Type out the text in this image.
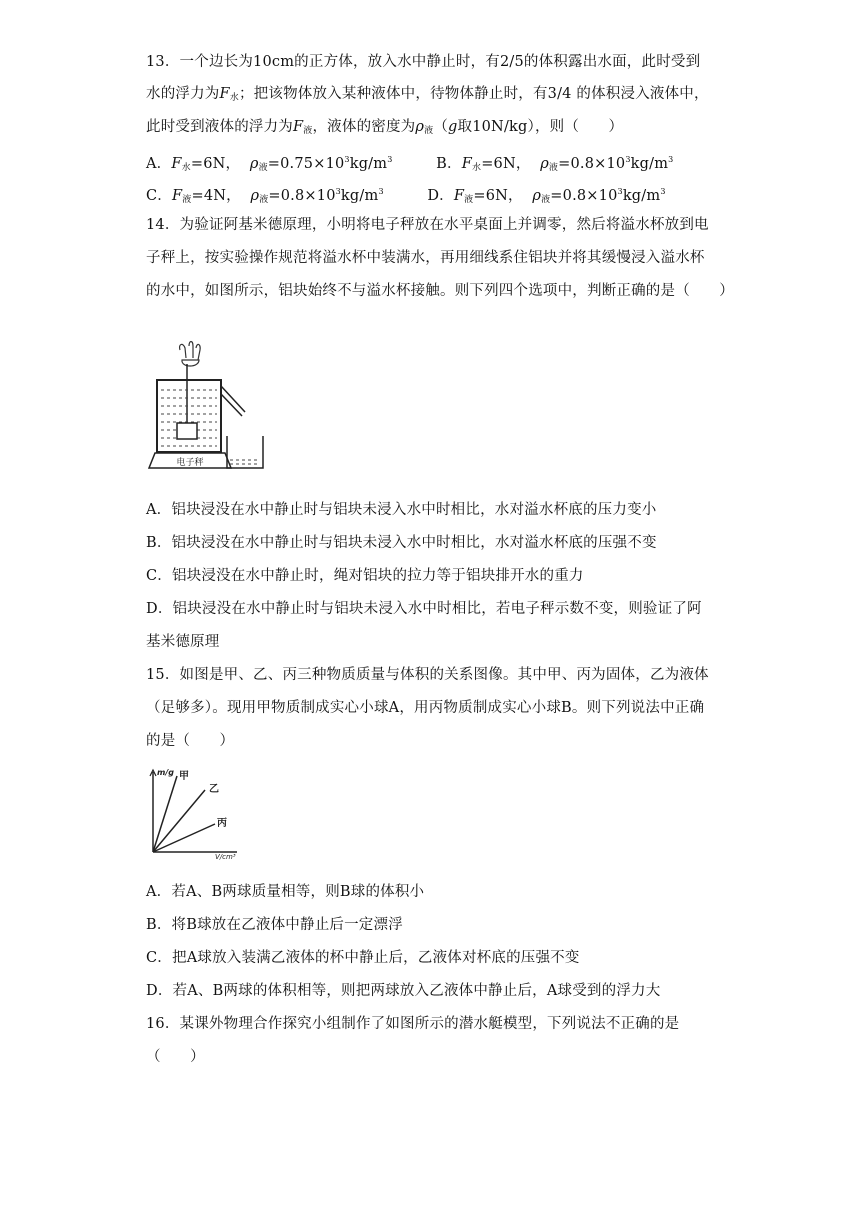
13．一个边长为10cm的正方体，放入水中静止时，有2/5的体积露出水面，此时受到
水的浮力为$F_水$；把该物体放入某种液体中，待物体静止时，有3/4 的体积浸入液体中，
此时受到液体的浮力为$F_液$，液体的密度为$\rho_液(g$取10N/kg），则（　　）
A．$F_水=6N$， $\rho_液=0.75\times 10^3kg/m^3$	B．$F_水=6N$， $\rho_液=0.8\times 10^3kg/m^3$
C．$F_液=4N$， $\rho_液=0.8\times 10^3kg/m^3$	D．$F_液=6N$， $\rho_液=0.8\times 10^3kg/m^3$
14．为验证阿基米德原理，小明将电子秤放在水平桌面上并调零，然后将溢水杯放到电
子秤上，按实验操作规范将溢水杯中装满水，再用细线系住铝块并将其缓慢浸入溢水杯
的水中，如图所示，铝块始终不与溢水杯接触。则下列四个选项中，判断正确的是（　　）
电子秤
A．铝块浸没在水中静止时与铝块未浸入水中时相比，水对溢水杯底的压力变小
B．铝块浸没在水中静止时与铝块未浸入水中时相比，水对溢水杯底的压强不变
C．铝块浸没在水中静止时，绳对铝块的拉力等于铝块排开水的重力
D．铝块浸没在水中静止时与铝块未浸入水中时相比，若电子秤示数不变，则验证了阿
基米德原理
15．如图是甲、乙、丙三种物质质量与体积的关系图像。其中甲、丙为固体，乙为液体
（足够多）。现用甲物质制成实心小球A，用丙物质制成实心小球B。则下列说法中正确
的是（　　）
m/g
V/cm³
甲
乙
丙
A．若A、B两球质量相等，则B球的体积小
B．将B球放在乙液体中静止后一定漂浮
C．把A球放入装满乙液体的杯中静止后，乙液体对杯底的压强不变
D．若A、B两球的体积相等，则把两球放入乙液体中静止后，A球受到的浮力大
16．某课外物理合作探究小组制作了如图所示的潜水艇模型，下列说法不正确的是
（　　）
